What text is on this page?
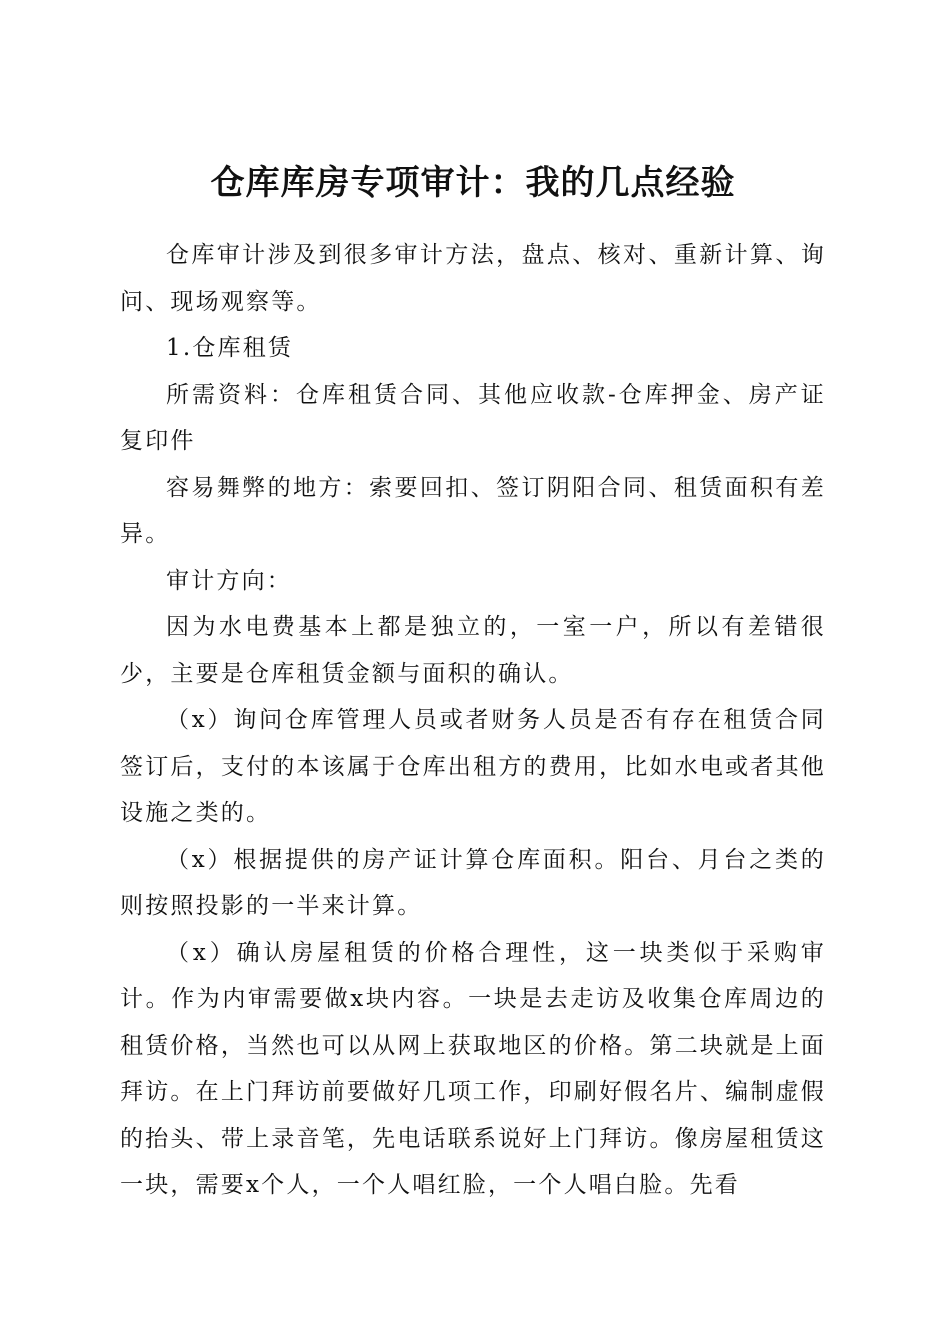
仓库库房专项审计：我的几点经验

仓库审计涉及到很多审计方法，盘点、核对、重新计算、询问、现场观察等。

1.仓库租赁

所需资料：仓库租赁合同、其他应收款-仓库押金、房产证复印件

容易舞弊的地方：索要回扣、签订阴阳合同、租赁面积有差异。

审计方向：

因为水电费基本上都是独立的，一室一户，所以有差错很少，主要是仓库租赁金额与面积的确认。

（x）询问仓库管理人员或者财务人员是否有存在租赁合同签订后，支付的本该属于仓库出租方的费用，比如水电或者其他设施之类的。

（x）根据提供的房产证计算仓库面积。阳台、月台之类的则按照投影的一半来计算。

（x）确认房屋租赁的价格合理性，这一块类似于采购审计。作为内审需要做x块内容。一块是去走访及收集仓库周边的租赁价格，当然也可以从网上获取地区的价格。第二块就是上面拜访。在上门拜访前要做好几项工作，印刷好假名片、编制虚假的抬头、带上录音笔，先电话联系说好上门拜访。像房屋租赁这一块，需要x个人，一个人唱红脸，一个人唱白脸。先看
